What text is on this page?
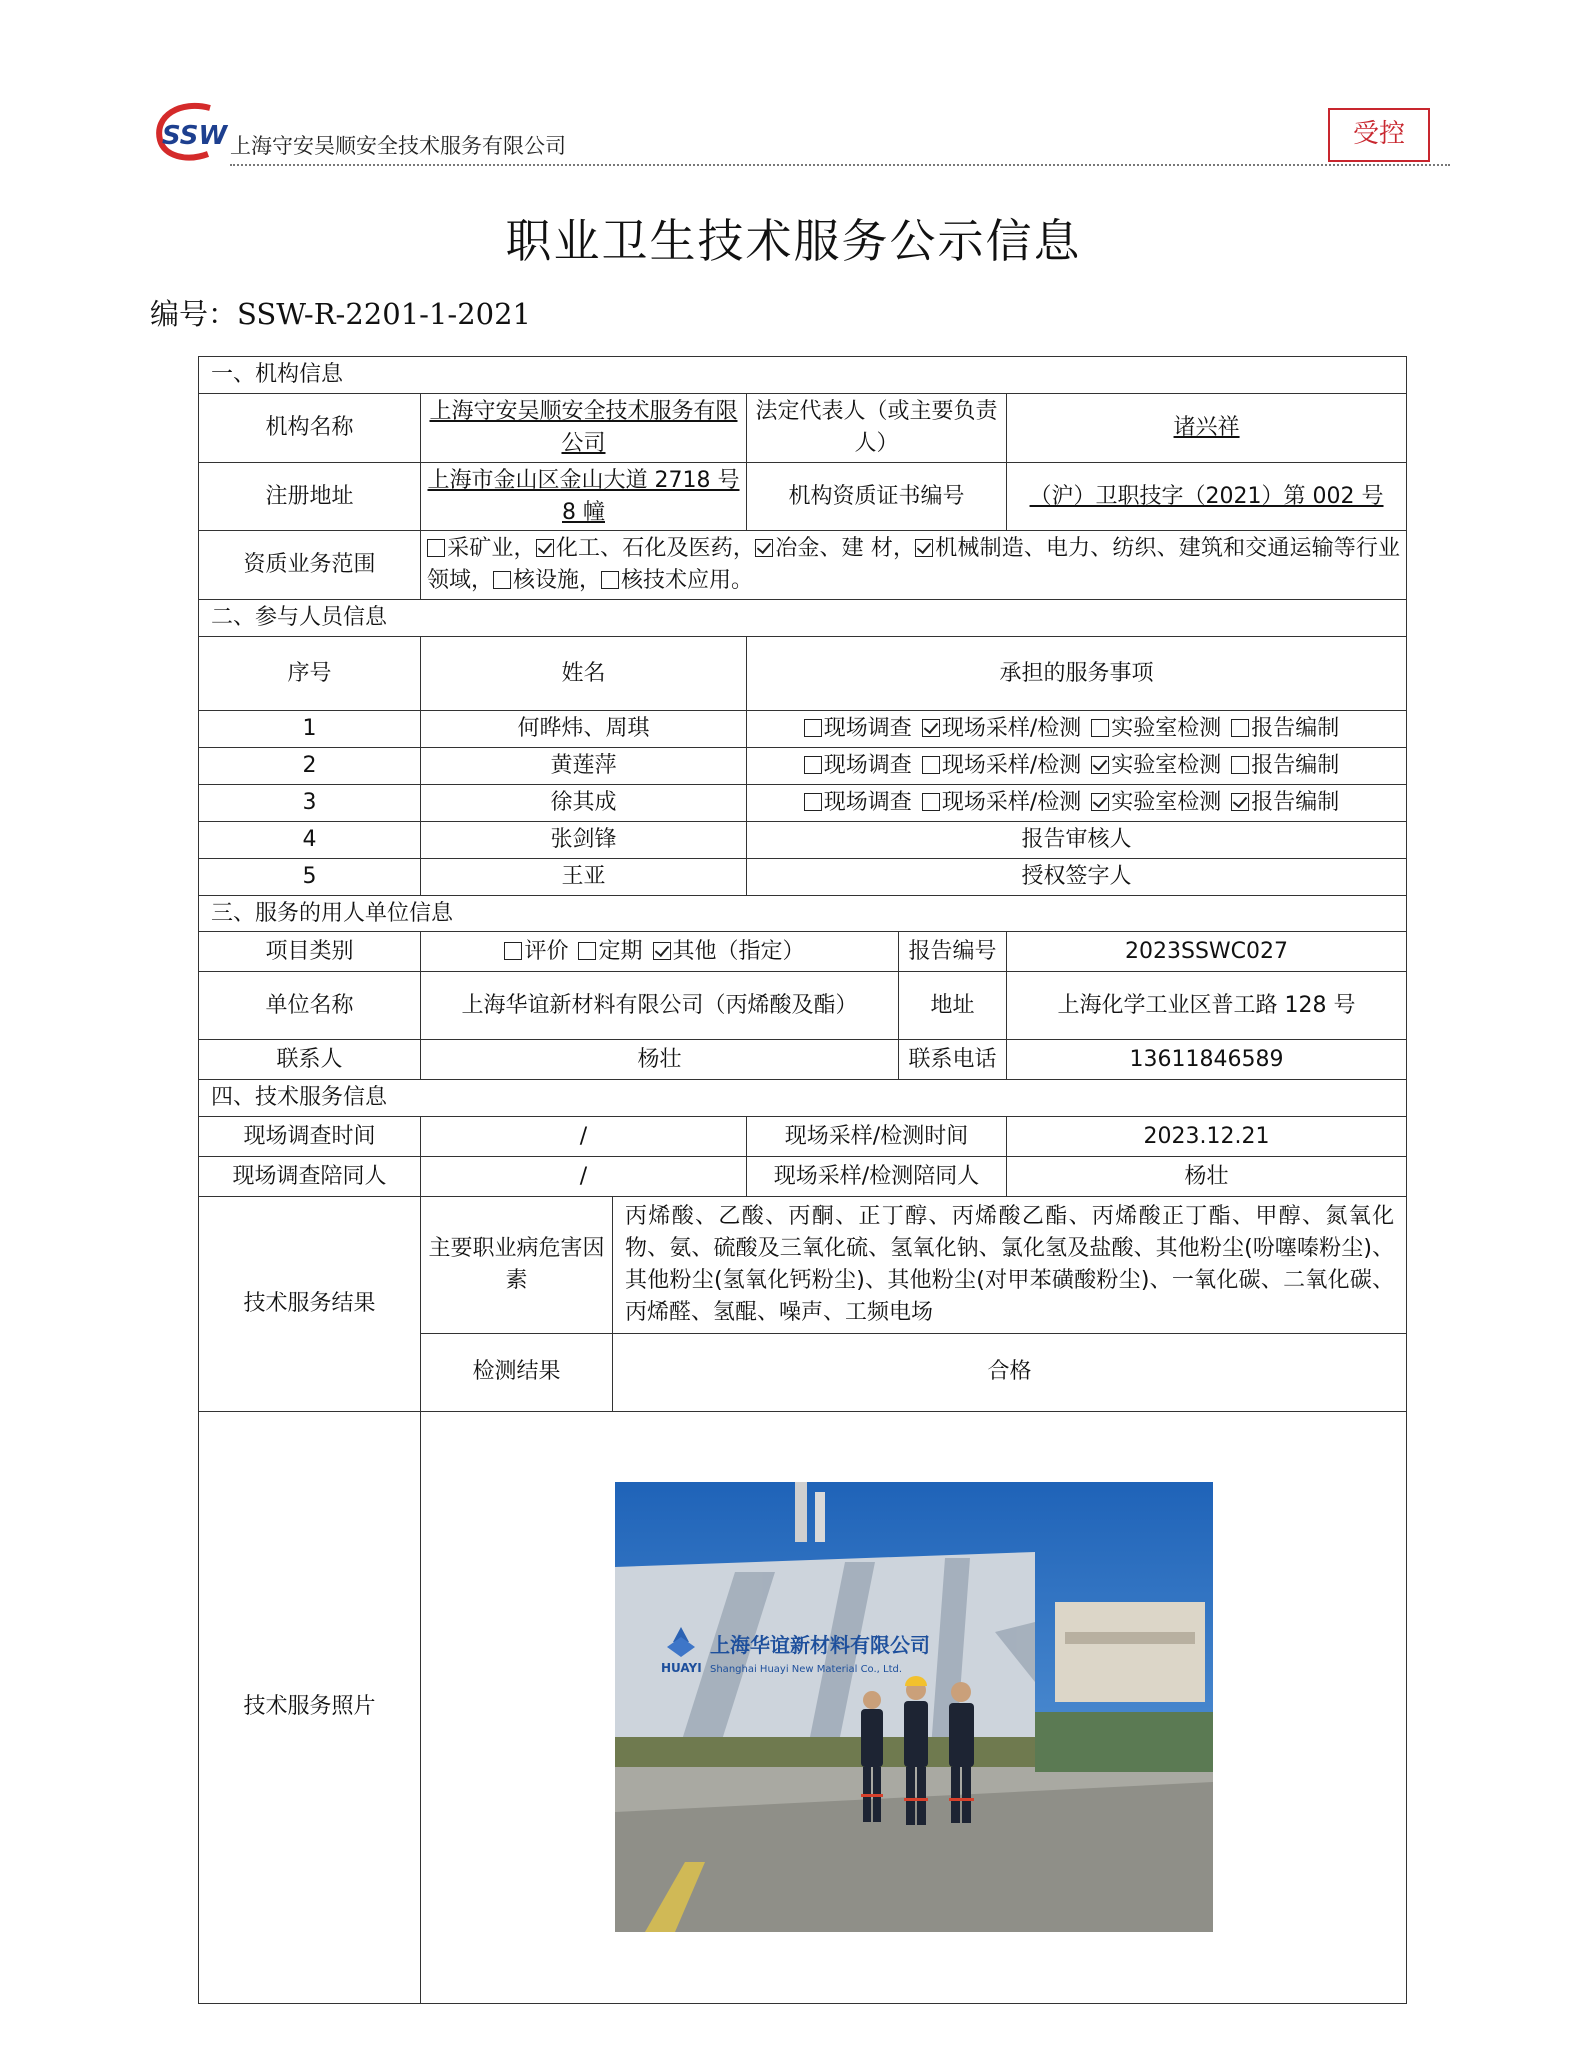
SSW 上海守安吴顺安全技术服务有限公司	受控
职业卫生技术服务公示信息
编号：SSW-R-2201-1-2021
一、机构信息					
机构名称	上海守安吴顺安全技术服务有限公司		法定代表人（或主要负责人）		诸兴祥
注册地址	上海市金山区金山大道 2718 号 8 幢		机构资质证书编号		（沪）卫职技字（2021）第 002 号
资质业务范围	采矿业， 化工、石化及医药， 冶金、建 材， 机械制造、电力、纺织、建筑和交通运输等行业领域， 核设施， 核技术应用。				
二、参与人员信息					
序号	姓名		承担的服务事项		
1	何晔炜、周琪		现场调查 现场采样/检测 实验室检测 报告编制		
2	黄莲萍		现场调查 现场采样/检测 实验室检测 报告编制		
3	徐其成		现场调查 现场采样/检测 实验室检测 报告编制		
4	张剑锋		报告审核人		
5	王亚		授权签字人		
三、服务的用人单位信息					
项目类别	评价 定期 其他（指定）			报告编号	2023SSWC027
单位名称	上海华谊新材料有限公司（丙烯酸及酯）			地址	上海化学工业区普工路 128 号
联系人	杨壮			联系电话	13611846589
四、技术服务信息					
现场调查时间	/		现场采样/检测时间		2023.12.21
现场调查陪同人	/		现场采样/检测陪同人		杨壮
技术服务结果	主要职业病危害因素	丙烯酸、乙酸、丙酮、正丁醇、丙烯酸乙酯、丙烯酸正丁酯、甲醇、氮氧化物、氨、硫酸及三氧化硫、氢氧化钠、氯化氢及盐酸、其他粉尘(吩噻嗪粉尘)、其他粉尘(氢氧化钙粉尘)、其他粉尘(对甲苯磺酸粉尘)、一氧化碳、二氧化碳、丙烯醛、氢醌、噪声、工频电场			
	检测结果	合格			
技术服务照片	HUAYI
上海华谊新材料有限公司
Shanghai Huayi New Material Co., Ltd.				
